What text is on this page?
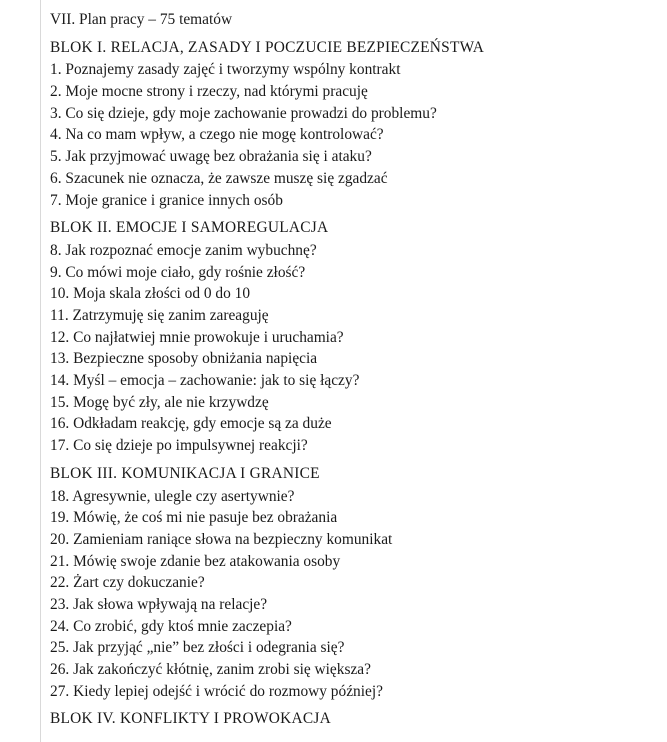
VII. Plan pracy – 75 tematów
BLOK I. RELACJA, ZASADY I POCZUCIE BEZPIECZEŃSTWA
1. Poznajemy zasady zajęć i tworzymy wspólny kontrakt
2. Moje mocne strony i rzeczy, nad którymi pracuję
3. Co się dzieje, gdy moje zachowanie prowadzi do problemu?
4. Na co mam wpływ, a czego nie mogę kontrolować?
5. Jak przyjmować uwagę bez obrażania się i ataku?
6. Szacunek nie oznacza, że zawsze muszę się zgadzać
7. Moje granice i granice innych osób
BLOK II. EMOCJE I SAMOREGULACJA
8. Jak rozpoznać emocje zanim wybuchnę?
9. Co mówi moje ciało, gdy rośnie złość?
10. Moja skala złości od 0 do 10
11. Zatrzymuję się zanim zareaguję
12. Co najłatwiej mnie prowokuje i uruchamia?
13. Bezpieczne sposoby obniżania napięcia
14. Myśl – emocja – zachowanie: jak to się łączy?
15. Mogę być zły, ale nie krzywdzę
16. Odkładam reakcję, gdy emocje są za duże
17. Co się dzieje po impulsywnej reakcji?
BLOK III. KOMUNIKACJA I GRANICE
18. Agresywnie, ulegle czy asertywnie?
19. Mówię, że coś mi nie pasuje bez obrażania
20. Zamieniam raniące słowa na bezpieczny komunikat
21. Mówię swoje zdanie bez atakowania osoby
22. Żart czy dokuczanie?
23. Jak słowa wpływają na relacje?
24. Co zrobić, gdy ktoś mnie zaczepia?
25. Jak przyjąć „nie” bez złości i odegrania się?
26. Jak zakończyć kłótnię, zanim zrobi się większa?
27. Kiedy lepiej odejść i wrócić do rozmowy później?
BLOK IV. KONFLIKTY I PROWOKACJA
